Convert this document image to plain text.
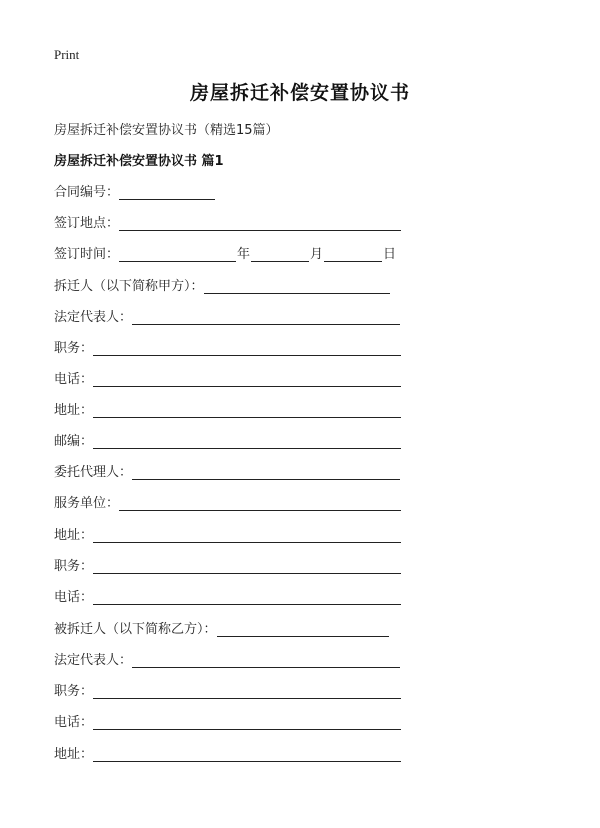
Print
房屋拆迁补偿安置协议书
房屋拆迁补偿安置协议书（精选15篇）
房屋拆迁补偿安置协议书 篇1
合同编号：
签订地点：
签订时间：	年	月	日
拆迁人（以下简称甲方）：
法定代表人：
职务：
电话：
地址：
邮编：
委托代理人：
服务单位：
地址：
职务：
电话：
被拆迁人（以下简称乙方）：
法定代表人：
职务：
电话：
地址：
